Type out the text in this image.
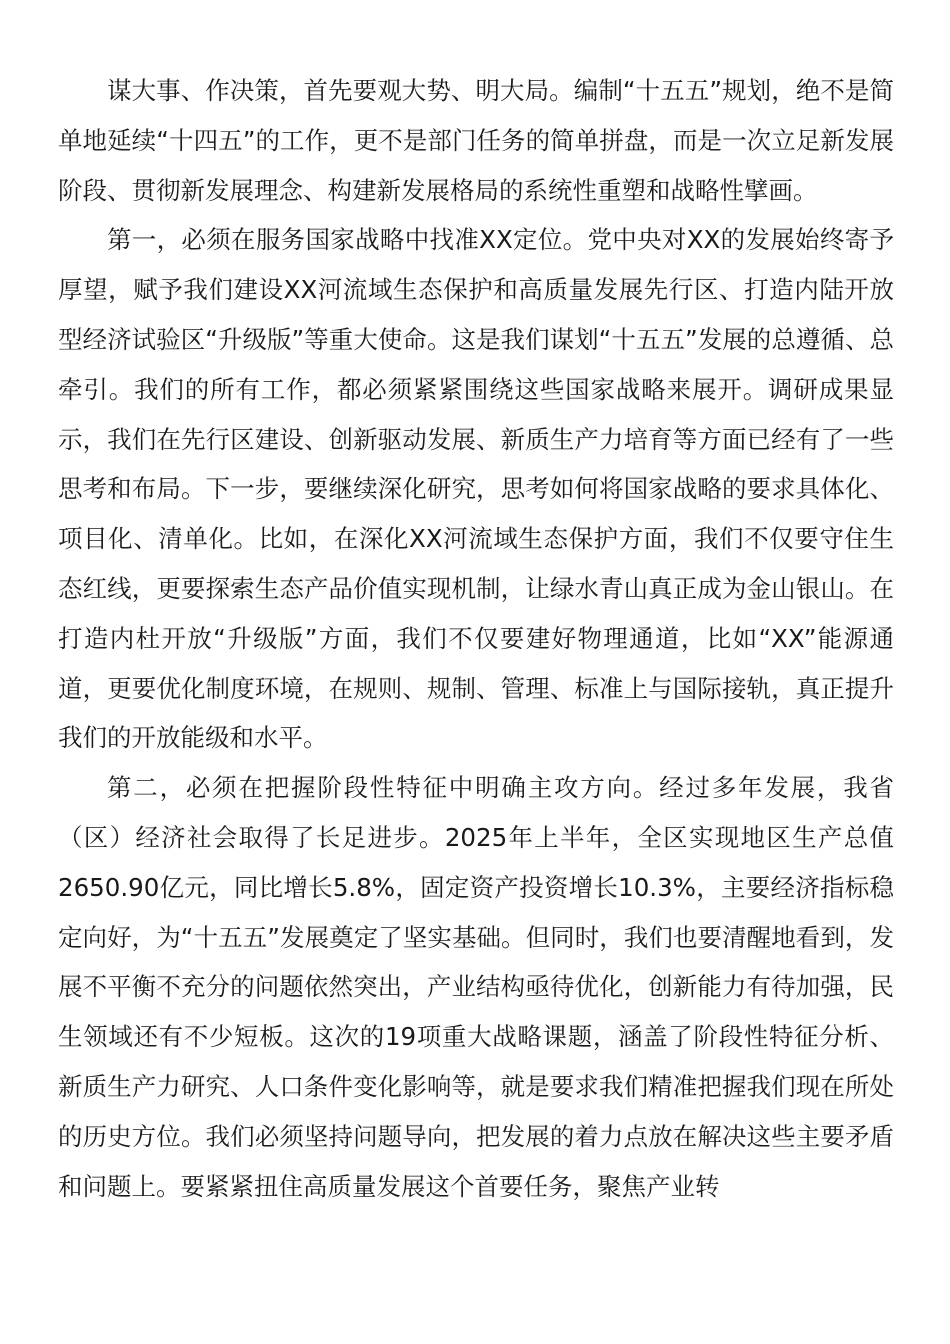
谋大事、作决策，首先要观大势、明大局。编制“十五五”规划，绝不是简单地延续“十四五”的工作，更不是部门任务的简单拼盘，而是一次立足新发展阶段、贯彻新发展理念、构建新发展格局的系统性重塑和战略性擘画。

第一，必须在服务国家战略中找准XX定位。党中央对XX的发展始终寄予厚望，赋予我们建设XX河流域生态保护和高质量发展先行区、打造内陆开放型经济试验区“升级版”等重大使命。这是我们谋划“十五五”发展的总遵循、总牵引。我们的所有工作，都必须紧紧围绕这些国家战略来展开。调研成果显示，我们在先行区建设、创新驱动发展、新质生产力培育等方面已经有了一些思考和布局。下一步，要继续深化研究，思考如何将国家战略的要求具体化、项目化、清单化。比如，在深化XX河流域生态保护方面，我们不仅要守住生态红线，更要探索生态产品价值实现机制，让绿水青山真正成为金山银山。在打造内杜开放“升级版”方面，我们不仅要建好物理通道，比如“XX”能源通道，更要优化制度环境，在规则、规制、管理、标准上与国际接轨，真正提升我们的开放能级和水平。

第二，必须在把握阶段性特征中明确主攻方向。经过多年发展，我省（区）经济社会取得了长足进步。2025年上半年，全区实现地区生产总值2650.90亿元，同比增长5.8%，固定资产投资增长10.3%，主要经济指标稳定向好，为“十五五”发展奠定了坚实基础。但同时，我们也要清醒地看到，发展不平衡不充分的问题依然突出，产业结构亟待优化，创新能力有待加强，民生领域还有不少短板。这次的19项重大战略课题，涵盖了阶段性特征分析、新质生产力研究、人口条件变化影响等，就是要求我们精准把握我们现在所处的历史方位。我们必须坚持问题导向，把发展的着力点放在解决这些主要矛盾和问题上。要紧紧扭住高质量发展这个首要任务，聚焦产业转
